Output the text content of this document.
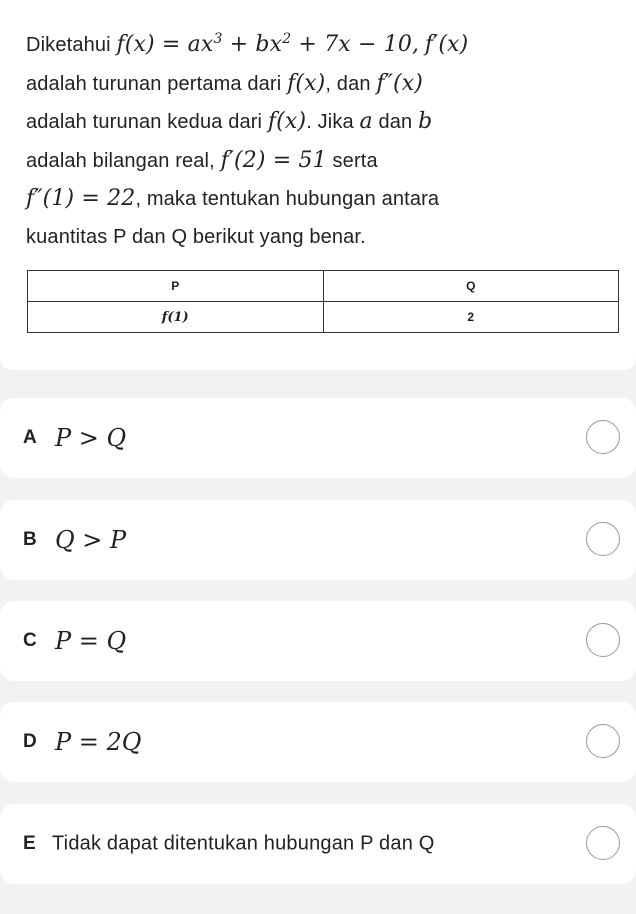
Diketahui $f(x) = ax^3 + bx^2 + 7x - 10$, f′(x)
adalah turunan pertama dari f(x), dan f″(x)
adalah turunan kedua dari f(x). Jika a dan b
adalah bilangan real, f′(2) = 51 serta
f″(1) = 22, maka tentukan hubungan antara
kuantitas P dan Q berikut yang benar.
P	Q
f(1)	2
A P > Q
B Q > P
C P = Q
D P = 2Q
E Tidak dapat ditentukan hubungan P dan Q
